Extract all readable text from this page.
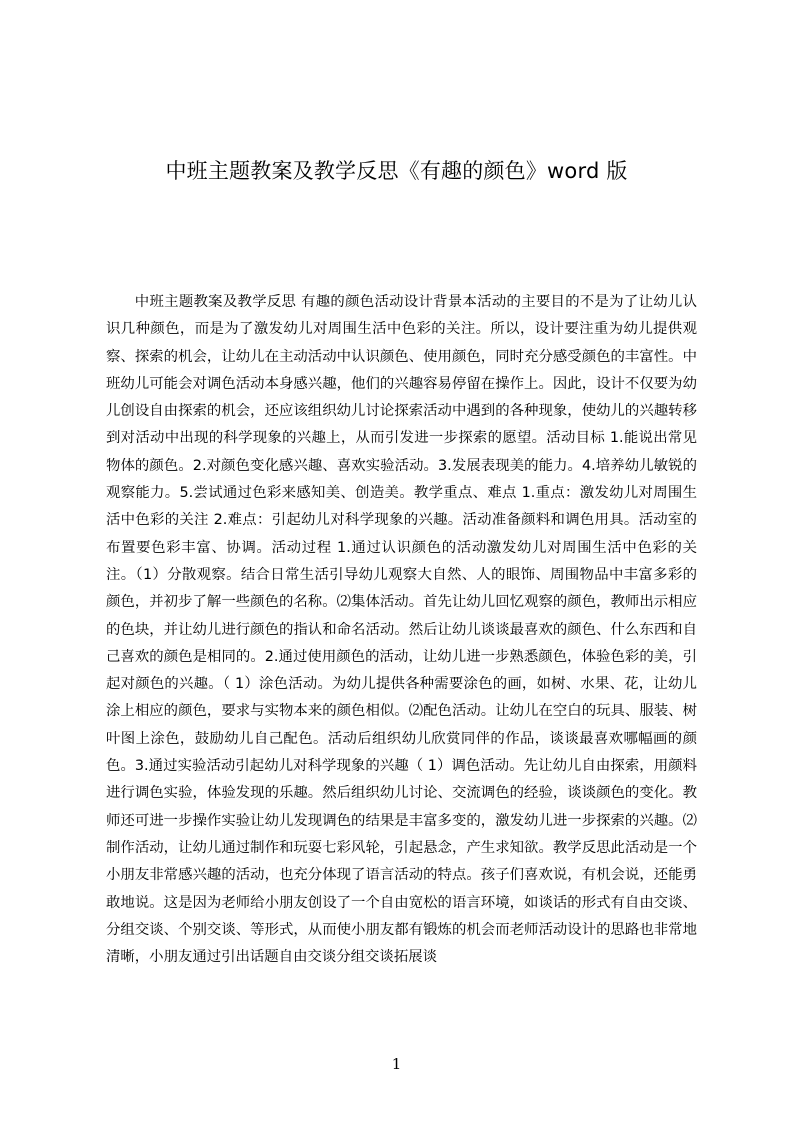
中班主题教案及教学反思《有趣的颜色》word 版

中班主题教案及教学反思 有趣的颜色活动设计背景本活动的主要目的不是为了让幼儿认识几种颜色，而是为了激发幼儿对周围生活中色彩的关注。所以，设计要注重为幼儿提供观察、探索的机会，让幼儿在主动活动中认识颜色、使用颜色，同时充分感受颜色的丰富性。中班幼儿可能会对调色活动本身感兴趣，他们的兴趣容易停留在操作上。因此，设计不仅要为幼儿创设自由探索的机会，还应该组织幼儿讨论探索活动中遇到的各种现象，使幼儿的兴趣转移到对活动中出现的科学现象的兴趣上，从而引发进一步探索的愿望。活动目标 1.能说出常见物体的颜色。2.对颜色变化感兴趣、喜欢实验活动。3.发展表现美的能力。4.培养幼儿敏锐的观察能力。5.尝试通过色彩来感知美、创造美。教学重点、难点 1.重点：激发幼儿对周围生活中色彩的关注 2.难点：引起幼儿对科学现象的兴趣。活动准备颜料和调色用具。活动室的布置要色彩丰富、协调。活动过程 1.通过认识颜色的活动激发幼儿对周围生活中色彩的关注。（1）分散观察。结合日常生活引导幼儿观察大自然、人的眼饰、周围物品中丰富多彩的颜色，并初步了解一些颜色的名称。⑵集体活动。首先让幼儿回忆观察的颜色，教师出示相应的色块，并让幼儿进行颜色的指认和命名活动。然后让幼儿谈谈最喜欢的颜色、什么东西和自己喜欢的颜色是相同的。2.通过使用颜色的活动，让幼儿进一步熟悉颜色，体验色彩的美，引起对颜色的兴趣。（ 1）涂色活动。为幼儿提供各种需要涂色的画，如树、水果、花，让幼儿涂上相应的颜色，要求与实物本来的颜色相似。⑵配色活动。让幼儿在空白的玩具、服装、树叶图上涂色，鼓励幼儿自己配色。活动后组织幼儿欣赏同伴的作品，谈谈最喜欢哪幅画的颜色。3.通过实验活动引起幼儿对科学现象的兴趣（ 1）调色活动。先让幼儿自由探索，用颜料进行调色实验，体验发现的乐趣。然后组织幼儿讨论、交流调色的经验，谈谈颜色的变化。教师还可进一步操作实验让幼儿发现调色的结果是丰富多变的，激发幼儿进一步探索的兴趣。⑵制作活动，让幼儿通过制作和玩耍七彩风轮，引起悬念，产生求知欲。教学反思此活动是一个小朋友非常感兴趣的活动，也充分体现了语言活动的特点。孩子们喜欢说，有机会说，还能勇敢地说。这是因为老师给小朋友创设了一个自由宽松的语言环境，如谈话的形式有自由交谈、分组交谈、个别交谈、等形式，从而使小朋友都有锻炼的机会而老师活动设计的思路也非常地清晰，小朋友通过引出话题自由交谈分组交谈拓展谈

1
